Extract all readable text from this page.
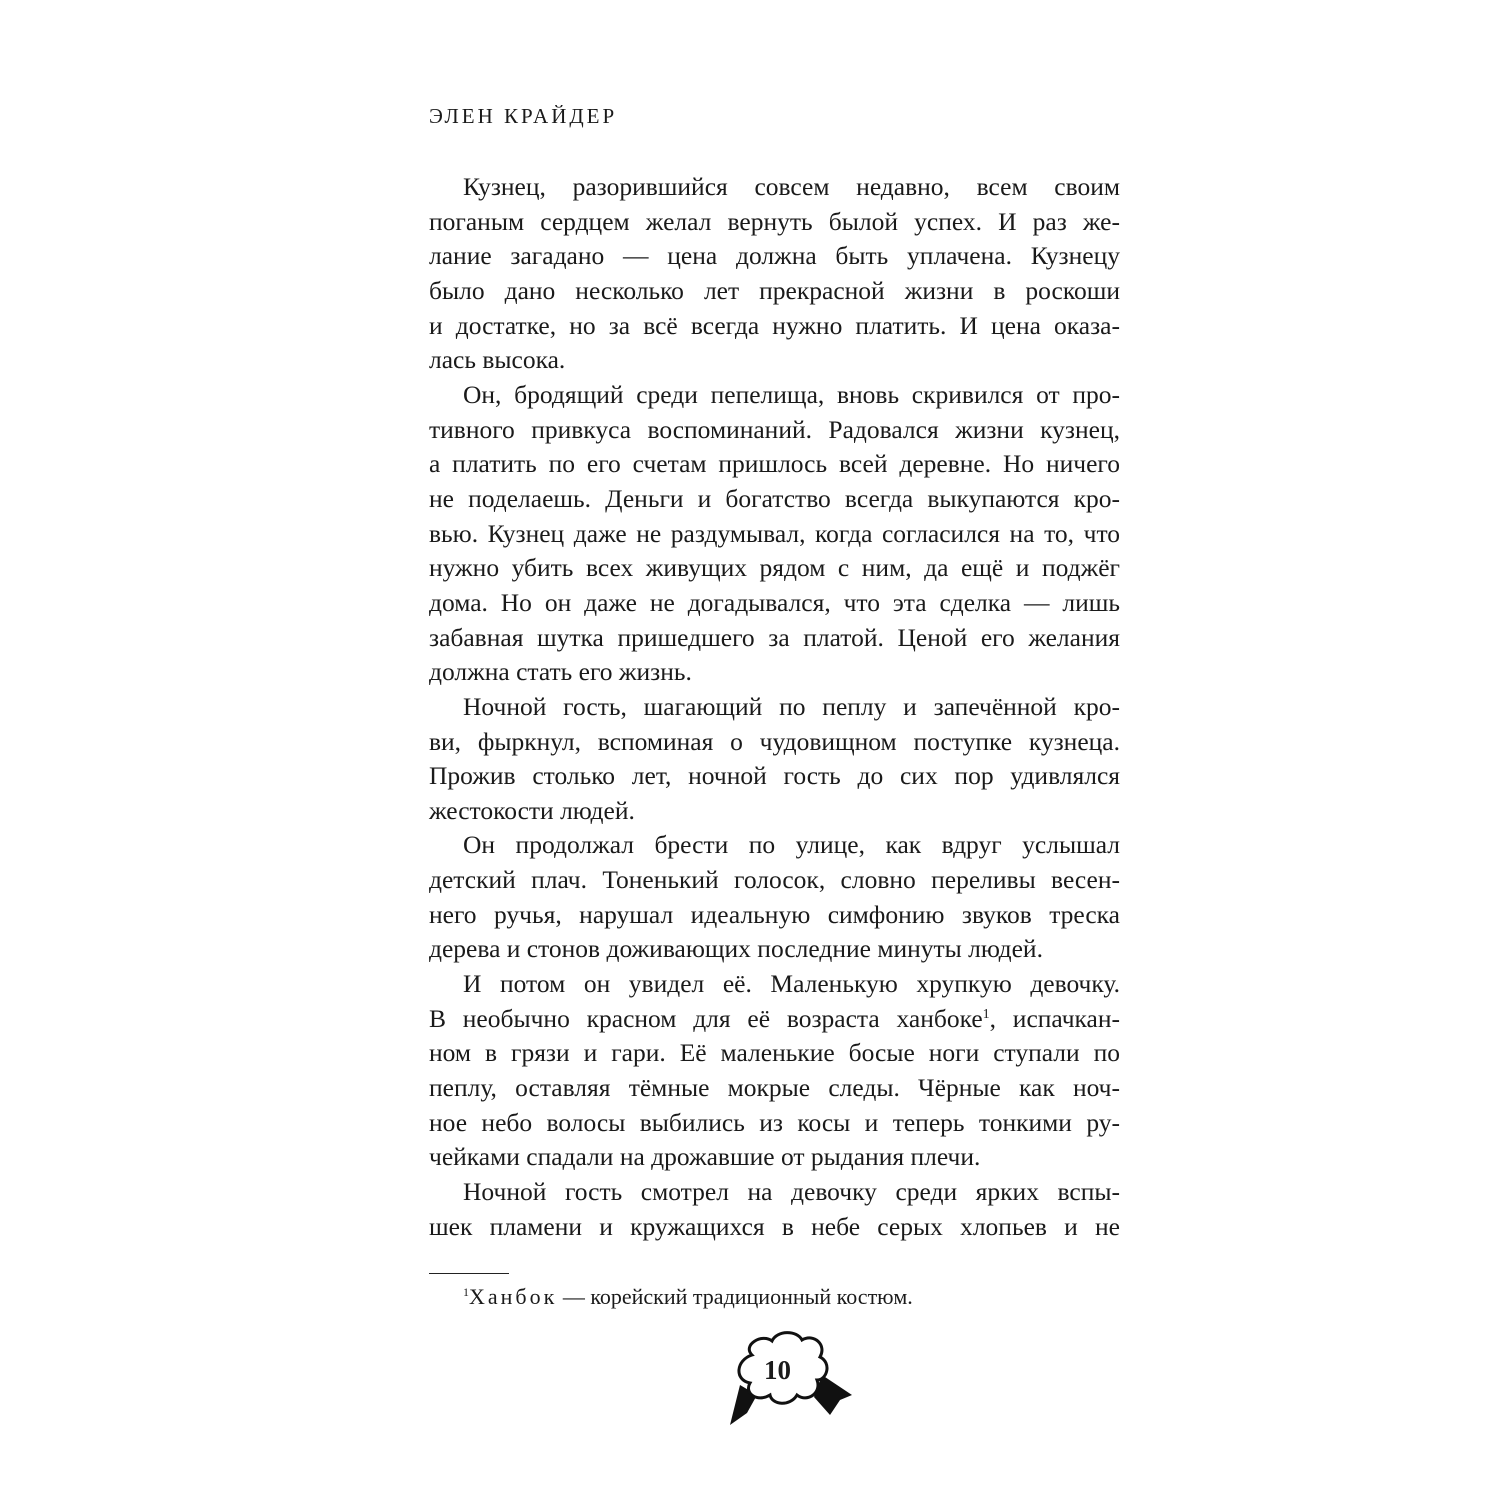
ЭЛЕН КРАЙДЕР
Кузнец, разорившийся совсем недавно, всем своим
поганым сердцем желал вернуть былой успех. И раз же-
лание загадано — цена должна быть уплачена. Кузнецу
было дано несколько лет прекрасной жизни в роскоши
и достатке, но за всё всегда нужно платить. И цена оказа-
лась высока.
Он, бродящий среди пепелища, вновь скривился от про-
тивного привкуса воспоминаний. Радовался жизни кузнец,
а платить по его счетам пришлось всей деревне. Но ничего
не поделаешь. Деньги и богатство всегда выкупаются кро-
вью. Кузнец даже не раздумывал, когда согласился на то, что
нужно убить всех живущих рядом с ним, да ещё и поджёг
дома. Но он даже не догадывался, что эта сделка — лишь
забавная шутка пришедшего за платой. Ценой его желания
должна стать его жизнь.
Ночной гость, шагающий по пеплу и запечённой кро-
ви, фыркнул, вспоминая о чудовищном поступке кузнеца.
Прожив столько лет, ночной гость до сих пор удивлялся
жестокости людей.
Он продолжал брести по улице, как вдруг услышал
детский плач. Тоненький голосок, словно переливы весен-
него ручья, нарушал идеальную симфонию звуков треска
дерева и стонов доживающих последние минуты людей.
И потом он увидел её. Маленькую хрупкую девочку.
В необычно красном для её возраста ханбоке$^1$, испачкан-
ном в грязи и гари. Её маленькие босые ноги ступали по
пеплу, оставляя тёмные мокрые следы. Чёрные как ноч-
ное небо волосы выбились из косы и теперь тонкими ру-
чейками спадали на дрожавшие от рыдания плечи.
Ночной гость смотрел на девочку среди ярких вспы-
шек пламени и кружащихся в небе серых хлопьев и не
$^1$Ханбок — корейский традиционный костюм.
10
